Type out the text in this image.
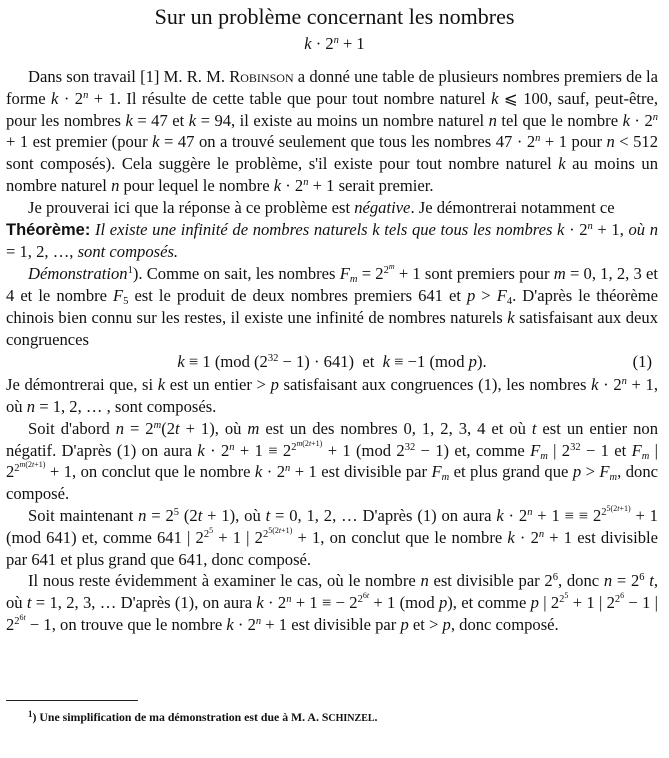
Sur un problème concernant les nombres
$k \cdot 2^n + 1$

Dans son travail [1] M. R. M. Robinson a donné une table de plusieurs nombres premiers de la forme $k \cdot 2^n + 1$. Il résulte de cette table que pour tout nombre naturel k ⩽ 100, sauf, peut-être, pour les nombres k = 47 et k = 94, il existe au moins un nombre naturel n tel que le nombre $k \cdot 2^n + 1$ est premier (pour k = 47 on a trouvé seulement que tous les nombres $47 \cdot 2^n + 1$ pour n < 512 sont composés). Cela suggère le problème, s'il existe pour tout nombre naturel k au moins un nombre naturel n pour lequel le nombre $k \cdot 2^n + 1$ serait premier.

Je prouverai ici que la réponse à ce problème est négative. Je démontrerai notamment ce

Théorème: Il existe une infinité de nombres naturels k tels que tous les nombres $k \cdot 2^n + 1$, où n = 1, 2, …, sont composés.

Démonstration$^1$). Comme on sait, les nombres $F_m = 2^{2^m} + 1$ sont premiers pour m = 0, 1, 2, 3 et 4 et le nombre $F_5$ est le produit de deux nombres premiers 641 et $p > F_4$. D'après le théorème chinois bien connu sur les restes, il existe une infinité de nombres naturels k satisfaisant aux deux congruences

k ≡ 1 (mod $(2^{32} - 1) \cdot 641$)  et  k ≡ −1 (mod p).	(1)

Je démontrerai que, si k est un entier > p satisfaisant aux congruences (1), les nombres $k \cdot 2^n + 1$, où n = 1, 2, … , sont composés.

Soit d'abord $n = 2^m(2t + 1)$, où m est un des nombres 0, 1, 2, 3, 4 et où t est un entier non négatif. D'après (1) on aura $k \cdot 2^n + 1 \equiv 2^{2^{m(2t+1)}} + 1$ (mod $2^{32} - 1$) et, comme $F_m$ | $2^{32} - 1$ et $F_m$ | $2^{2^{m(2t+1)}} + 1$, on conclut que le nombre $k \cdot 2^n + 1$ est divisible par $F_m$ et plus grand que $p > F_m$, donc composé.

Soit maintenant $n = 2^5$ (2t + 1), où t = 0, 1, 2, … D'après (1) on aura $k \cdot 2^n + 1$ ≡ ≡ $2^{2^{5(2t+1)}} + 1$ (mod 641) et, comme 641 | $2^{2^5} + 1$ | $2^{2^{5(2t+1)}} + 1$, on conclut que le nombre $k \cdot 2^n + 1$ est divisible par 641 et plus grand que 641, donc composé.

Il nous reste évidemment à examiner le cas, où le nombre n est divisible par $2^6$, donc $n = 2^6$ t, où t = 1, 2, 3, … D'après (1), on aura $k \cdot 2^n + 1$ ≡ − $2^{2^{6t}} + 1$ (mod p), et comme p | $2^{2^5} + 1$ | $2^{2^6} - 1$ | $2^{2^{6t}} - 1$, on trouve que le nombre $k \cdot 2^n + 1$ est divisible par p et > p, donc composé.

$^1$) Une simplification de ma démonstration est due à M. A. SCHINZEL.
